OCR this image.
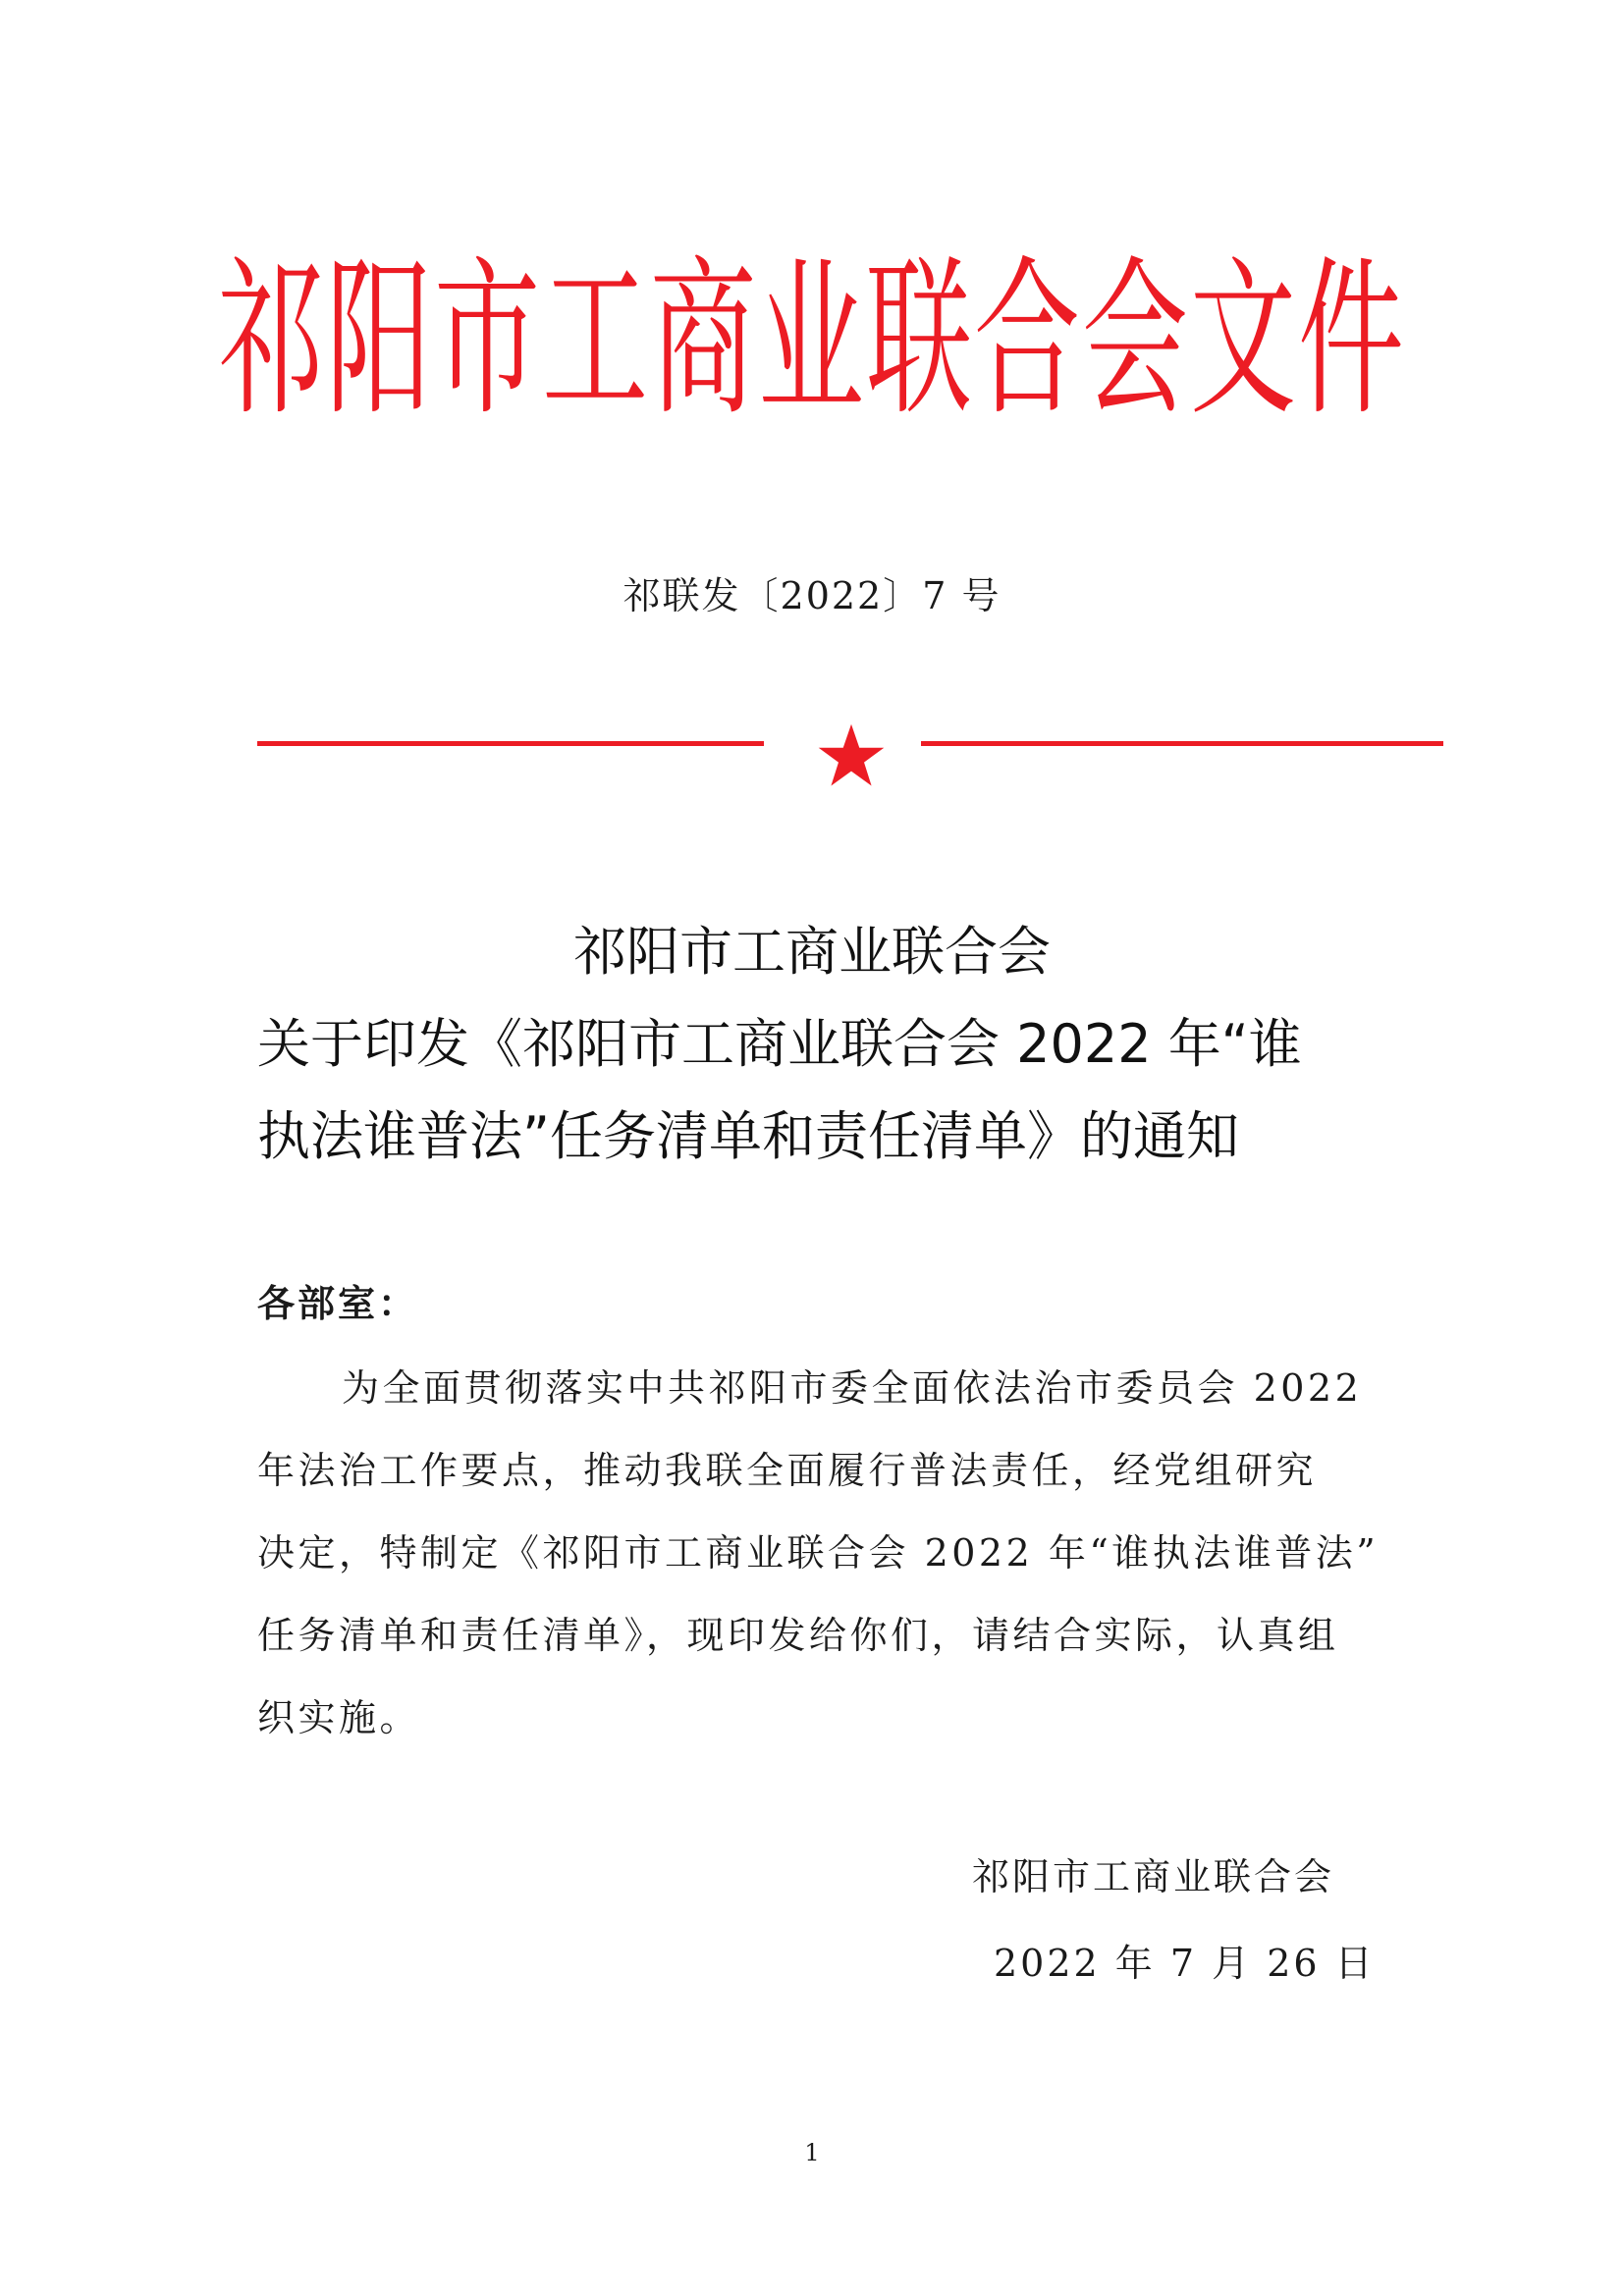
祁阳市工商业联合会文件
祁联发〔2022〕7 号
祁阳市工商业联合会
关于印发《祁阳市工商业联合会 2022 年“谁
执法谁普法”任务清单和责任清单》的通知
各部室：
为全面贯彻落实中共祁阳市委全面依法治市委员会 2022
年法治工作要点，推动我联全面履行普法责任，经党组研究
决定，特制定《祁阳市工商业联合会 2022 年“谁执法谁普法”
任务清单和责任清单》，现印发给你们，请结合实际，认真组
织实施。
祁阳市工商业联合会
2022 年 7 月 26 日
1
